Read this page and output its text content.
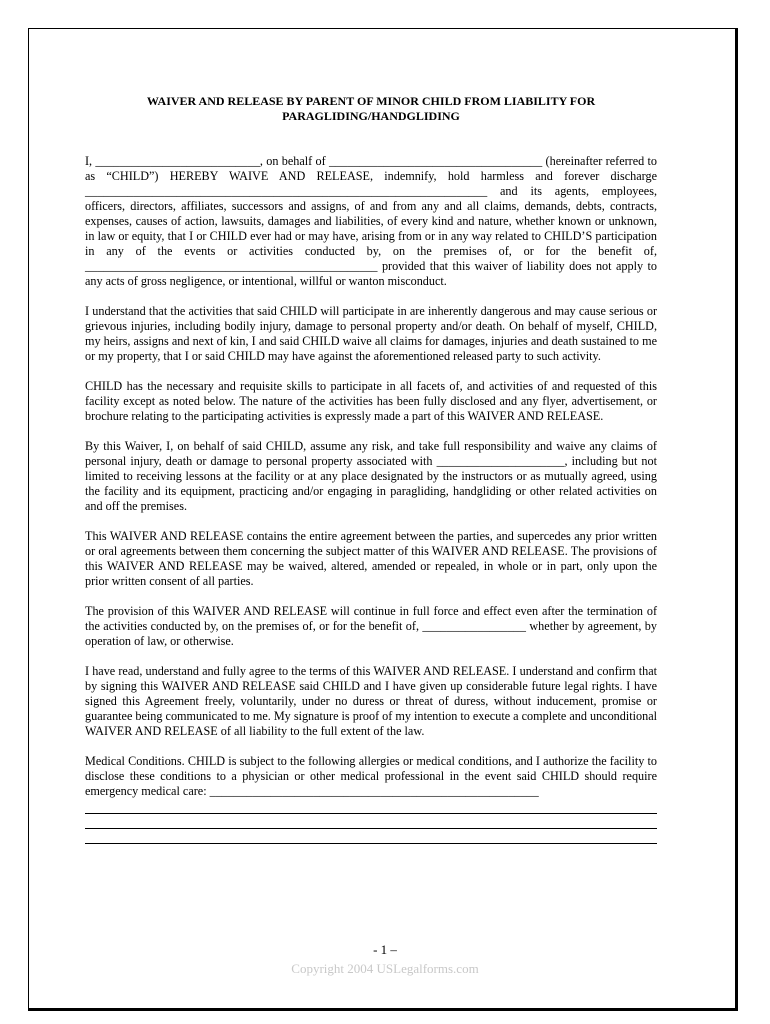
WAIVER AND RELEASE BY PARENT OF MINOR CHILD FROM LIABILITY FOR PARAGLIDING/HANDGLIDING

I, ___________________________, on behalf of ___________________________________ (hereinafter referred to as “CHILD”) HEREBY WAIVE AND RELEASE, indemnify, hold harmless and forever discharge __________________________________________________________________ and its agents, employees, officers, directors, affiliates, successors and assigns, of and from any and all claims, demands, debts, contracts, expenses, causes of action, lawsuits, damages and liabilities, of every kind and nature, whether known or unknown, in law or equity, that I or CHILD ever had or may have, arising from or in any way related to CHILD’S participation in any of the events or activities conducted by, on the premises of, or for the benefit of, ________________________________________________ provided that this waiver of liability does not apply to any acts of gross negligence, or intentional, willful or wanton misconduct.

I understand that the activities that said CHILD will participate in are inherently dangerous and may cause serious or grievous injuries, including bodily injury, damage to personal property and/or death. On behalf of myself, CHILD, my heirs, assigns and next of kin, I and said CHILD waive all claims for damages, injuries and death sustained to me or my property, that I or said CHILD may have against the aforementioned released party to such activity.

CHILD has the necessary and requisite skills to participate in all facets of, and activities of and requested of this facility except as noted below. The nature of the activities has been fully disclosed and any flyer, advertisement, or brochure relating to the participating activities is expressly made a part of this WAIVER AND RELEASE.

By this Waiver, I, on behalf of said CHILD, assume any risk, and take full responsibility and waive any claims of personal injury, death or damage to personal property associated with _____________________, including but not limited to receiving lessons at the facility or at any place designated by the instructors or as mutually agreed, using the facility and its equipment, practicing and/or engaging in paragliding, handgliding or other related activities on and off the premises.

This WAIVER AND RELEASE contains the entire agreement between the parties, and supercedes any prior written or oral agreements between them concerning the subject matter of this WAIVER AND RELEASE. The provisions of this WAIVER AND RELEASE may be waived, altered, amended or repealed, in whole or in part, only upon the prior written consent of all parties.

The provision of this WAIVER AND RELEASE will continue in full force and effect even after the termination of the activities conducted by, on the premises of, or for the benefit of, _________________ whether by agreement, by operation of law, or otherwise.

I have read, understand and fully agree to the terms of this WAIVER AND RELEASE. I understand and confirm that by signing this WAIVER AND RELEASE said CHILD and I have given up considerable future legal rights. I have signed this Agreement freely, voluntarily, under no duress or threat of duress, without inducement, promise or guarantee being communicated to me. My signature is proof of my intention to execute a complete and unconditional WAIVER AND RELEASE of all liability to the full extent of the law.

Medical Conditions. CHILD is subject to the following allergies or medical conditions, and I authorize the facility to disclose these conditions to a physician or other medical professional in the event said CHILD should require emergency medical care: ______________________________________________________

- 1 –
Copyright 2004 USLegalforms.com
